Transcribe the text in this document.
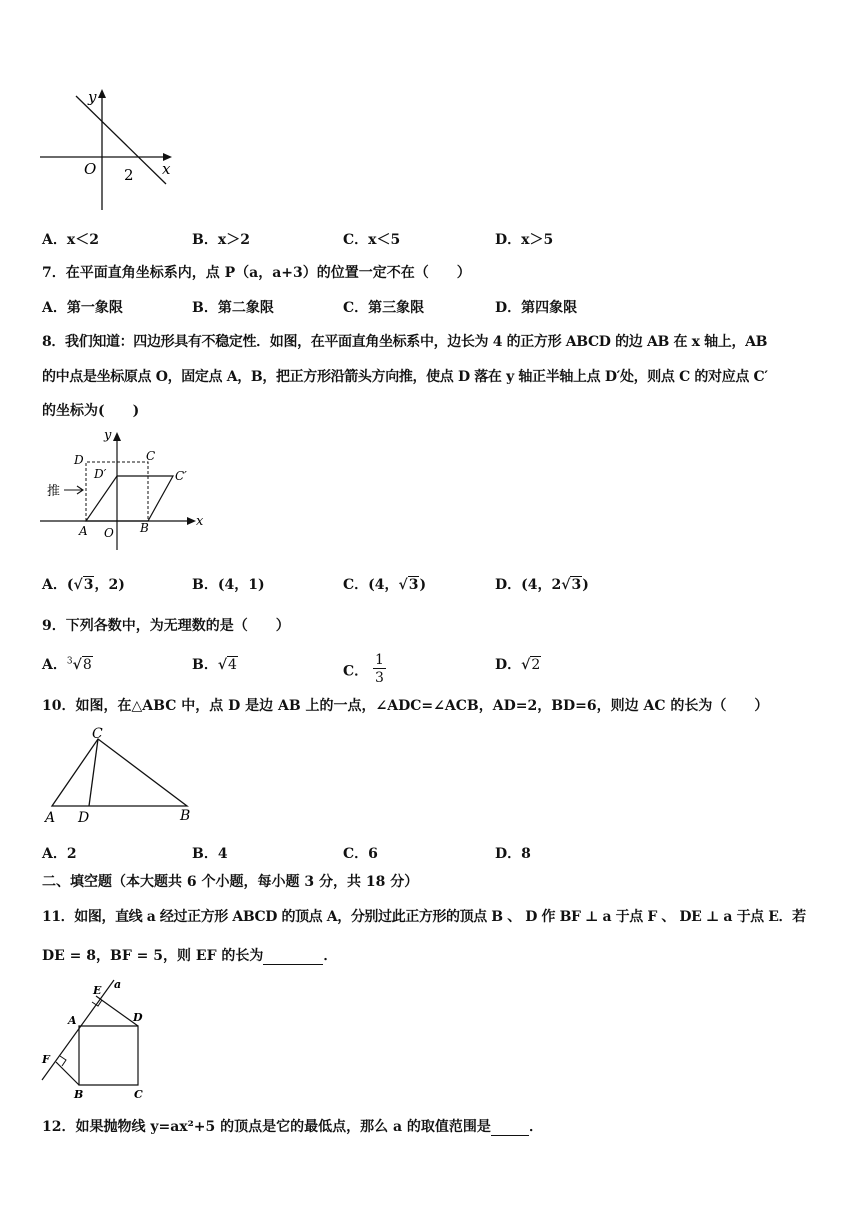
y
x
O 2
A．x＜2	B．x＞2	C．x＜5	D．x＞5
7．在平面直角坐标系内，点 P（a，a+3）的位置一定不在（　　）
A．第一象限	B．第二象限	C．第三象限	D．第四象限
8．我们知道：四边形具有不稳定性．如图，在平面直角坐标系中，边长为 4 的正方形 ABCD 的边 AB 在 x 轴上，AB
的中点是坐标原点 O，固定点 A，B，把正方形沿箭头方向推，使点 D 落在 y 轴正半轴上点 D′处，则点 C 的对应点 C′
的坐标为(　　)
y
x
D	C
D′	C′
推
A O B
A．(√3，2)	B．(4，1)	C．(4，√3)	D．(4，2√3)
9．下列各数中，为无理数的是（　　）
A．$^3$√8	B．√4	C． $\frac{1}{3}$	D．√2
10．如图，在△ABC 中，点 D 是边 AB 上的一点，∠ADC=∠ACB，AD=2，BD=6，则边 AC 的长为（　　）
C
A D	B
A．2	B．4	C．6	D．8
二、填空题（本大题共 6 个小题，每小题 3 分，共 18 分）
11．如图，直线 a 经过正方形 ABCD 的顶点 A，分别过此正方形的顶点 B 、 D 作 BF ⊥ a 于点 F 、 DE ⊥ a 于点 E．若
DE = 8，BF = 5，则 EF 的长为	．
E a
A	D
F
B	C
12．如果抛物线 y=ax²+5 的顶点是它的最低点，那么 a 的取值范围是	．
